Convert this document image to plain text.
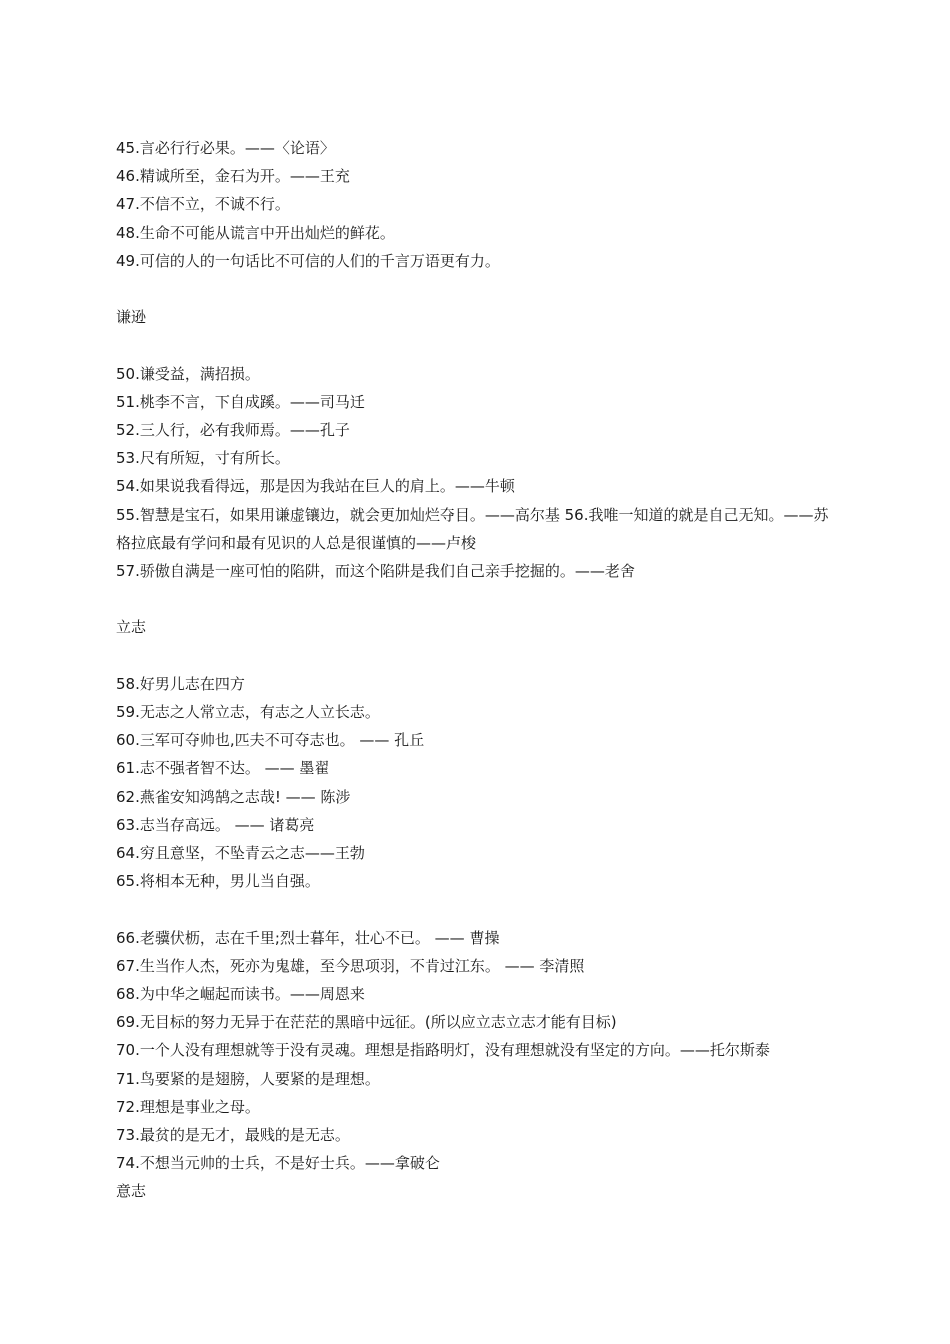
45.言必行行必果。——〈论语〉
46.精诚所至，金石为开。——王充
47.不信不立，不诚不行。
48.生命不可能从谎言中开出灿烂的鲜花。
49.可信的人的一句话比不可信的人们的千言万语更有力。
谦逊
50.谦受益，满招损。
51.桃李不言，下自成蹊。——司马迁
52.三人行，必有我师焉。——孔子
53.尺有所短，寸有所长。
54.如果说我看得远，那是因为我站在巨人的肩上。——牛顿
55.智慧是宝石，如果用谦虚镶边，就会更加灿烂夺目。——高尔基 56.我唯一知道的就是自己无知。——苏格拉底最有学问和最有见识的人总是很谨慎的——卢梭
57.骄傲自满是一座可怕的陷阱，而这个陷阱是我们自己亲手挖掘的。——老舍
立志
58.好男儿志在四方
59.无志之人常立志，有志之人立长志。
60.三军可夺帅也,匹夫不可夺志也。 —— 孔丘
61.志不强者智不达。 —— 墨翟
62.燕雀安知鸿鹄之志哉! —— 陈涉
63.志当存高远。 —— 诸葛亮
64.穷且意坚，不坠青云之志——王勃
65.将相本无种，男儿当自强。
66.老骥伏枥，志在千里;烈士暮年，壮心不已。 —— 曹操
67.生当作人杰，死亦为鬼雄，至今思项羽，不肯过江东。 —— 李清照
68.为中华之崛起而读书。——周恩来
69.无目标的努力无异于在茫茫的黑暗中远征。(所以应立志立志才能有目标)
70.一个人没有理想就等于没有灵魂。理想是指路明灯，没有理想就没有坚定的方向。——托尔斯泰
71.鸟要紧的是翅膀，人要紧的是理想。
72.理想是事业之母。
73.最贫的是无才，最贱的是无志。
74.不想当元帅的士兵，不是好士兵。——拿破仑
意志
